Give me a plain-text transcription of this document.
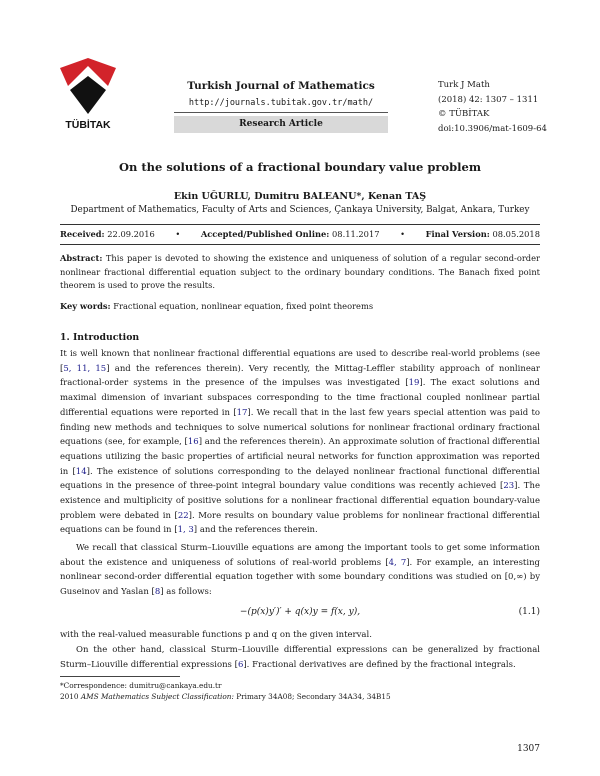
TÜBİTAK
Turkish Journal of Mathematics
http://journals.tubitak.gov.tr/math/
Research Article
Turk J Math
(2018) 42: 1307 – 1311
© TÜBİTAK
doi:10.3906/mat-1609-64
On the solutions of a fractional boundary value problem
Ekin UĞURLU, Dumitru BALEANU*, Kenan TAŞ
Department of Mathematics, Faculty of Arts and Sciences, Çankaya University, Balgat, Ankara, Turkey
Received: 22.09.2016 • Accepted/Published Online: 08.11.2017 • Final Version: 08.05.2018
Abstract: This paper is devoted to showing the existence and uniqueness of solution of a regular second-order nonlinear fractional differential equation subject to the ordinary boundary conditions. The Banach fixed point theorem is used to prove the results.
Key words: Fractional equation, nonlinear equation, fixed point theorems
1. Introduction
It is well known that nonlinear fractional differential equations are used to describe real-world problems (see [5, 11, 15] and the references therein). Very recently, the Mittag-Leffler stability approach of nonlinear fractional-order systems in the presence of the impulses was investigated [19]. The exact solutions and maximal dimension of invariant subspaces corresponding to the time fractional coupled nonlinear partial differential equations were reported in [17]. We recall that in the last few years special attention was paid to finding new methods and techniques to solve numerical solutions for nonlinear fractional ordinary fractional equations (see, for example, [16] and the references therein). An approximate solution of fractional differential equations utilizing the basic properties of artificial neural networks for function approximation was reported in [14]. The existence of solutions corresponding to the delayed nonlinear fractional functional differential equations in the presence of three-point integral boundary value conditions was recently achieved [23]. The existence and multiplicity of positive solutions for a nonlinear fractional differential equation boundary-value problem were debated in [22]. More results on boundary value problems for nonlinear fractional differential equations can be found in [1, 3] and the references therein.
We recall that classical Sturm–Liouville equations are among the important tools to get some information about the existence and uniqueness of solutions of real-world problems [4, 7]. For example, an interesting nonlinear second-order differential equation together with some boundary conditions was studied on [0,∞) by Guseinov and Yaslan [8] as follows:
−(p(x)y′)′ + q(x)y = f(x, y),	(1.1)
with the real-valued measurable functions p and q on the given interval.
On the other hand, classical Sturm–Liouville differential expressions can be generalized by fractional Sturm–Liouville differential expressions [6]. Fractional derivatives are defined by the fractional integrals.
*Correspondence: dumitru@cankaya.edu.tr
2010 AMS Mathematics Subject Classification: Primary 34A08; Secondary 34A34, 34B15
1307
